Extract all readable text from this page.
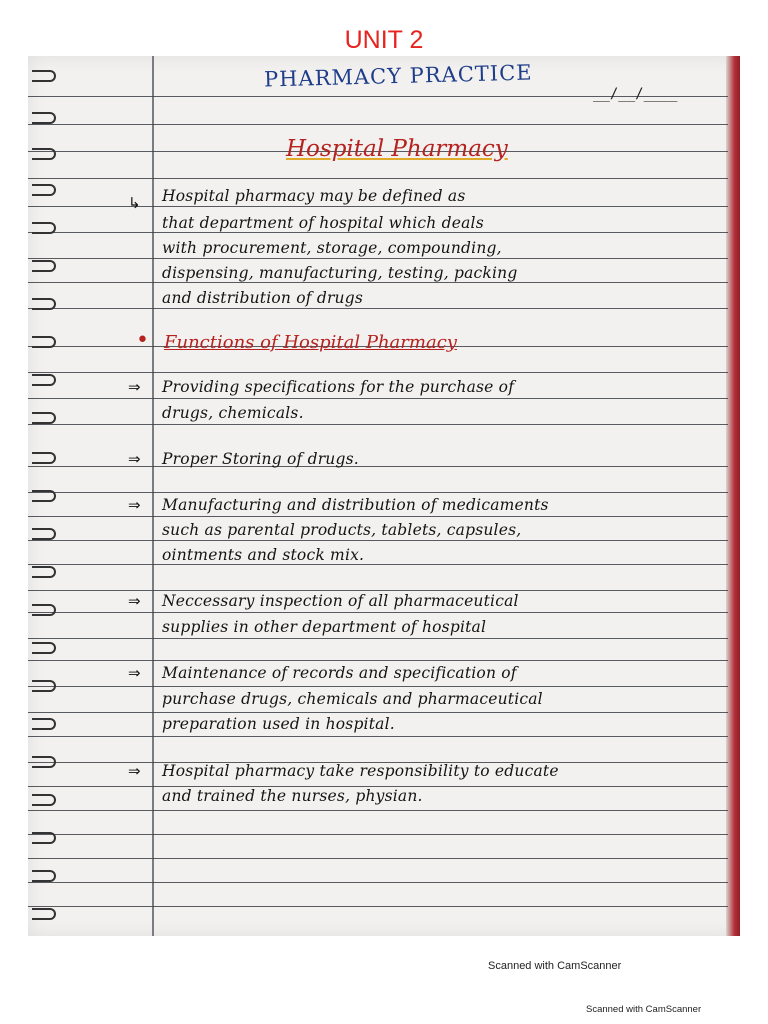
UNIT 2
PHARMACY PRACTICE
__/__/____
Hospital Pharmacy
↳ Hospital pharmacy may be defined as
that department of hospital which deals
with procurement, storage, compounding,
dispensing, manufacturing, testing, packing
and distribution of drugs
• Functions of Hospital Pharmacy
⇒ Providing specifications for the purchase of
drugs, chemicals.
⇒ Proper Storing of drugs.
⇒ Manufacturing and distribution of medicaments
such as parental products, tablets, capsules,
ointments and stock mix.
⇒ Neccessary inspection of all pharmaceutical
supplies in other department of hospital
⇒ Maintenance of records and specification of
purchase drugs, chemicals and pharmaceutical
preparation used in hospital.
⇒ Hospital pharmacy take responsibility to educate
and trained the nurses, physian.
Scanned with CamScanner
Scanned with CamScanner
